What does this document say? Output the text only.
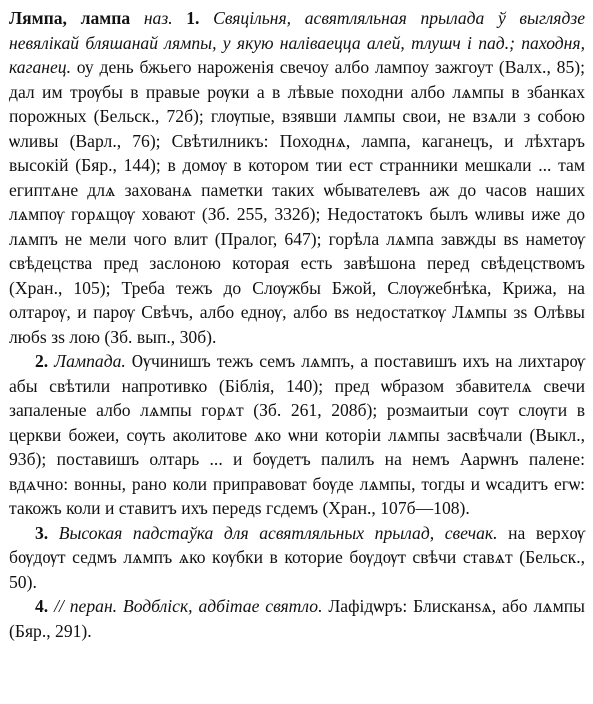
Лямпа, лампа наз. 1. Свяцільня, асвятляльная прылада ў выглядзе невялікай бляшанай лямпы, у якую наліваецца алей, тлушч і пад.; паходня, каганец. оу день бжьего нароженія свечоу албо лампоу зажгоут (Валх., 85); дал им трѹбы в правые рѹки а в лѣвые походни албо лѧмпы в збанках порожных (Бельск., 72б); глѹпые, взявши лѧмпы свои, не взѧли з собою ѡливы (Варл., 76); Свѣтилникъ: Походнѧ, лампа, каганецъ, и лѣхтаръ высокій (Бяр., 144); в домѹ в котором тии ест странники мешкали ... там египтѧне длѧ захованѧ паметки таких ѡбывателевъ аж до часов наших лѧмпѹ горѧщѹ ховают (Зб. 255, 332б); Недостатокъ былъ ѡливы иже до лѧмпъ не мели чого влит (Пралог, 647); горѣла лѧмпа завжды вѕ наметѹ свѣдецства пред заслоною которая есть завѣшона перед свѣдецствомъ (Хран., 105); Треба тежъ до Слѹжбы Бжой, Слѹжебнѣка, Крижа, на олтарѹ, и парѹ Свѣчъ, албо еднѹ, албо вѕ недостаткѹ Лѧмпы зѕ Олѣвы любѕ зѕ лою (Зб. вып., 30б).

2. Лампада. Ѹчинишъ тежъ семъ лѧмпъ, а поставишъ ихъ на лихтарѹ абы свѣтили напротивко (Біблія, 140); пред ѡбразом збавителѧ свечи запаленые албо лѧмпы горѧт (Зб. 261, 208б); розмаитыи сѹт слѹги в церкви божеи, сѹть аколитове ѧко ѡни которіи лѧмпы засвѣчали (Выкл., 93б); поставишъ олтарь ... и бѹдетъ палилъ на немъ Аарѡнъ палене: вдѧчно: вонны, рано коли приправоват бѹде лѧмпы, тогды и ѡсадитъ егѡ: такожъ коли и ставитъ ихъ передѕ гсдемъ (Хран., 107б—108).

3. Высокая падстаўка для асвятляльных прылад, свечак. на верхѹ бѹдѹт седмъ лѧмпъ ѧко кѹбки в которие бѹдѹт свѣчи ставѧт (Бельск., 50).

4. // перан. Водбліск, адбітае святло. Лафідѡръ: Блисканѕѧ, або лѧмпы (Бяр., 291).
